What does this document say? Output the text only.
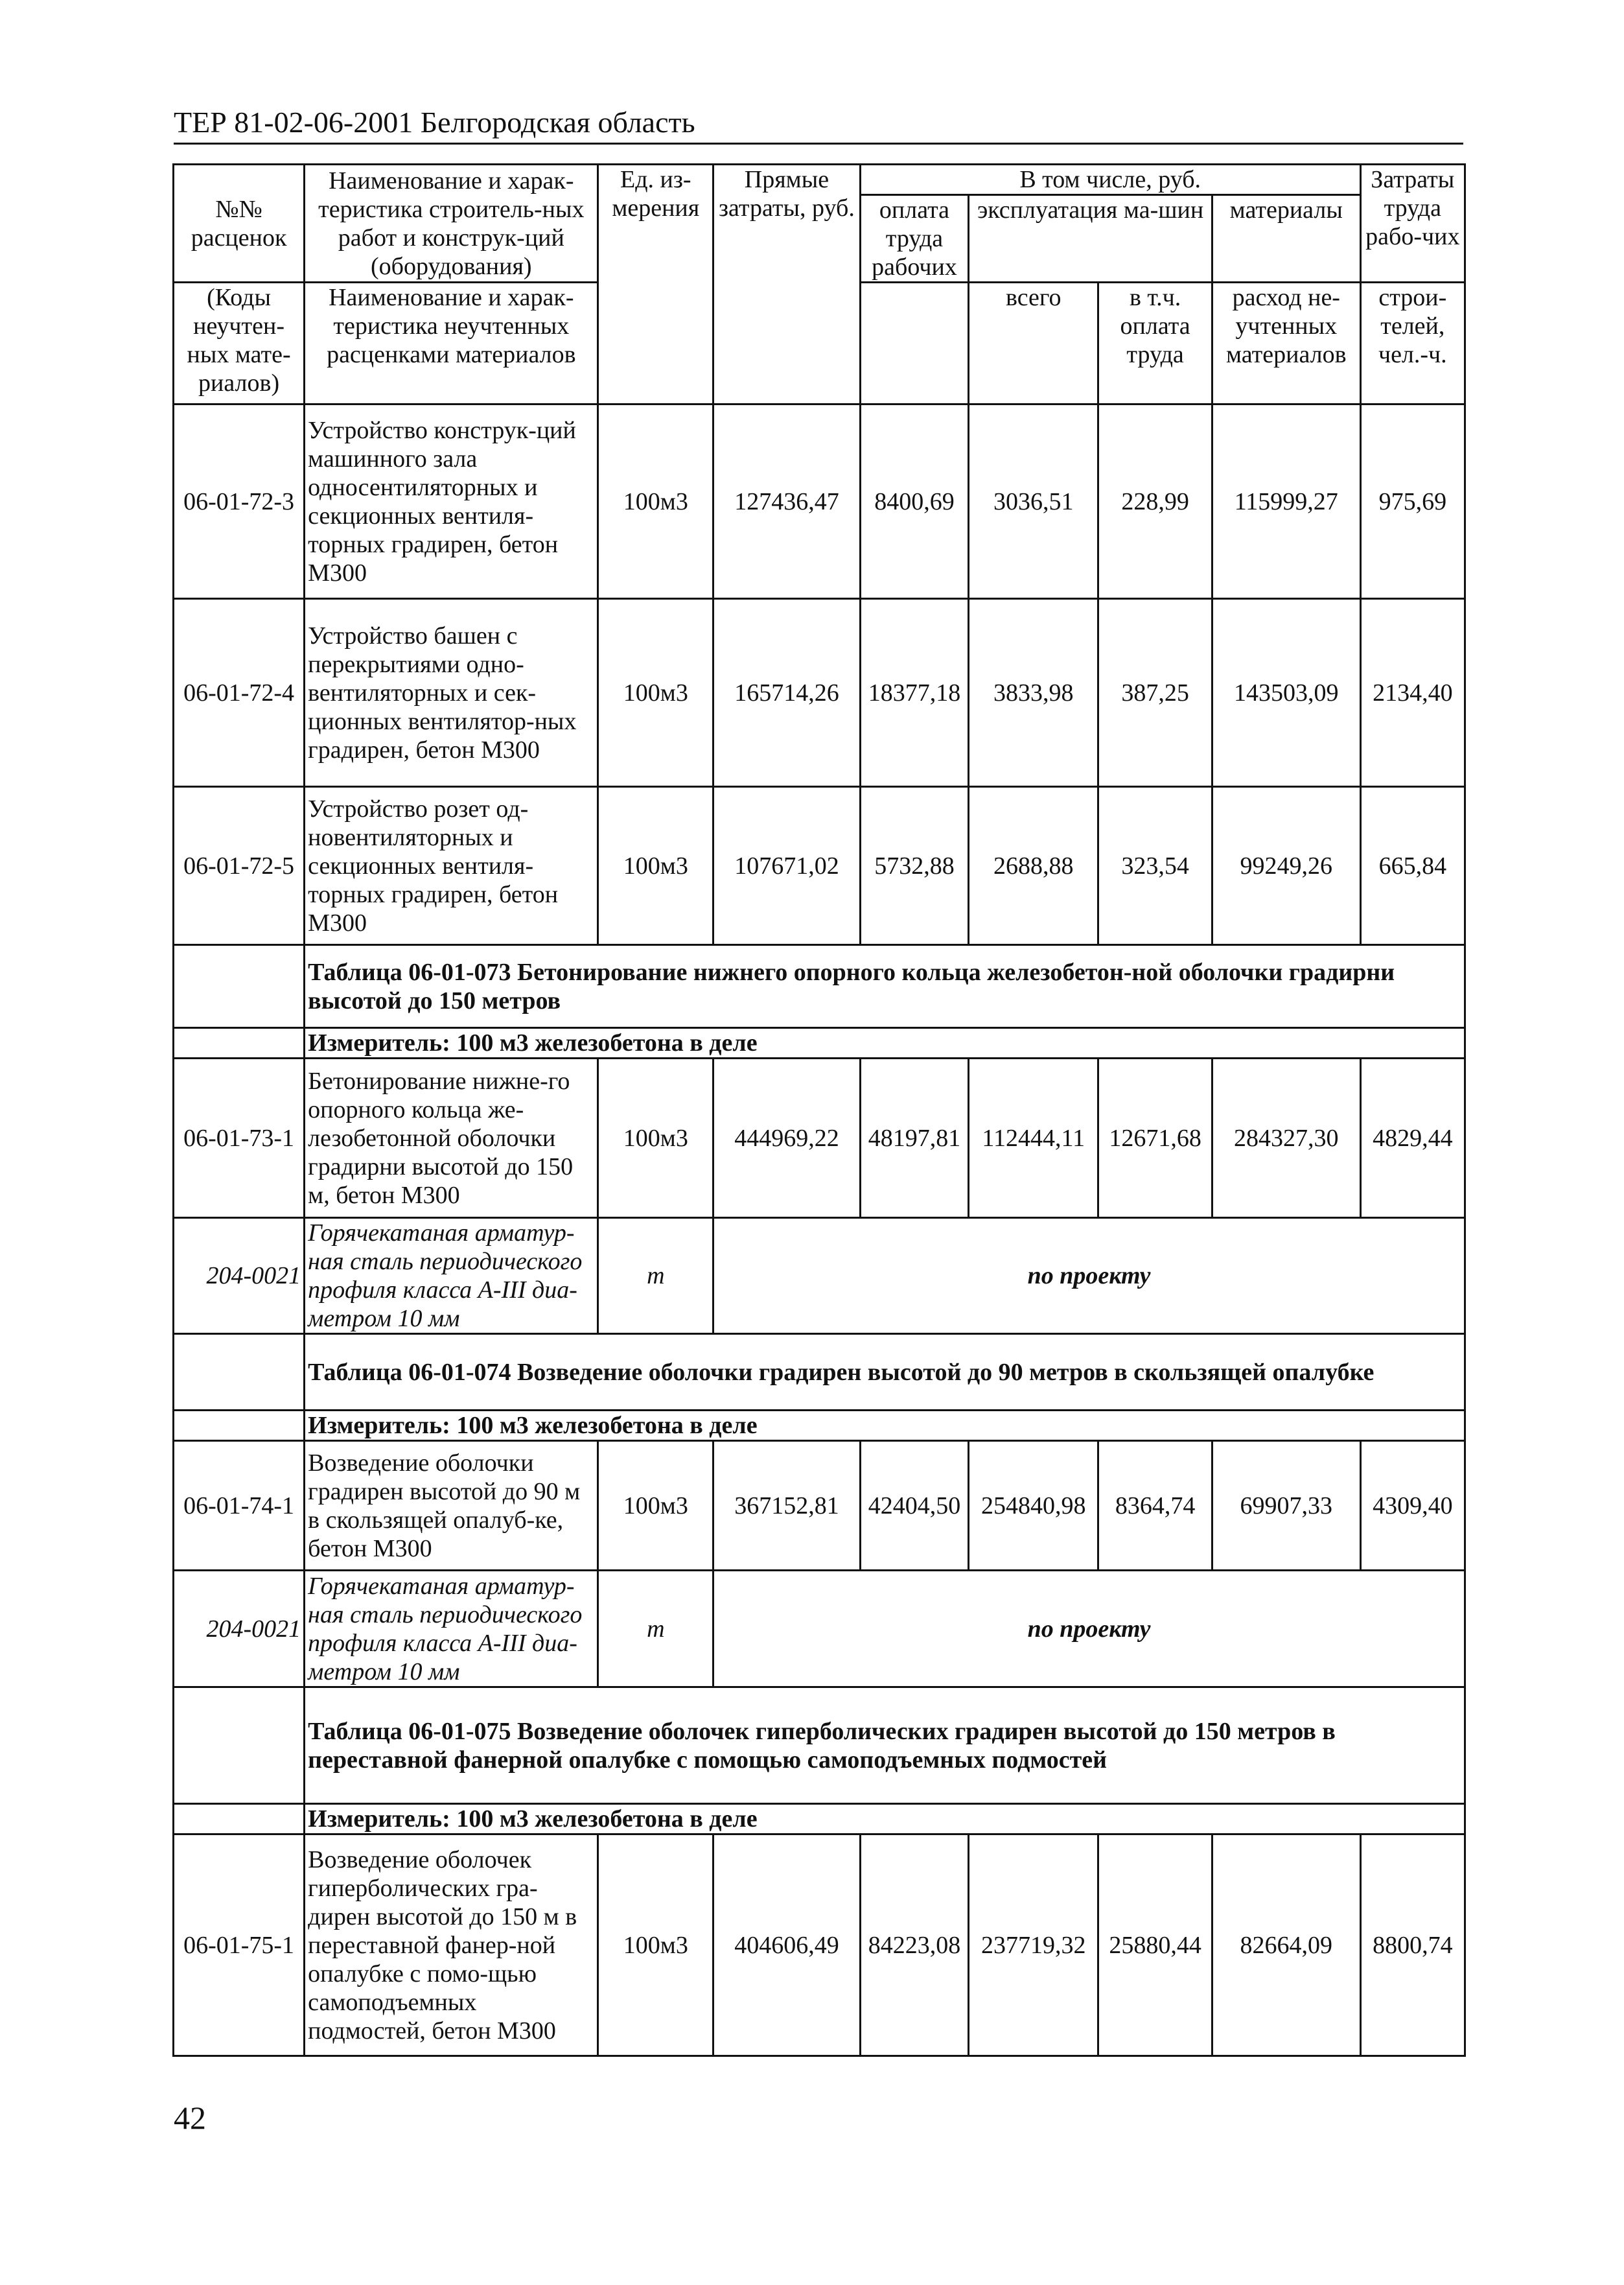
ТЕР 81-02-06-2001 Белгородская область
№№ расценок	Наименование и харак-теристика строитель-ных работ и конструк-ций (оборудования)	Ед. из-мерения	Прямые затраты, руб.	В том числе, руб.				Затраты труда рабо-чих
				оплата труда рабочих	эксплуатация ма-шин		материалы	

(Коды неучтен-ных мате-риалов)	Наименование и харак-теристика неучтенных расценками материалов				всего	в т.ч. оплата труда	расход не-учтенных материалов	строи-телей, чел.-ч.

06-01-72-3	Устройство конструк-ций машинного зала односентиляторных и секционных вентиля-торных градирен, бетон М300	100м3	127436,47	8400,69	3036,51	228,99	115999,27	975,69
06-01-72-4	Устройство башен с перекрытиями одно-вентиляторных и сек-ционных вентилятор-ных градирен, бетон М300	100м3	165714,26	18377,18	3833,98	387,25	143503,09	2134,40
06-01-72-5	Устройство розет од-новентиляторных и секционных вентиля-торных градирен, бетон М300	100м3	107671,02	5732,88	2688,88	323,54	99249,26	665,84
	Таблица 06-01-073 Бетонирование нижнего опорного кольца железобетон-ной оболочки градирни высотой до 150 метров							
	Измеритель: 100 м3 железобетона в деле							
06-01-73-1	Бетонирование нижне-го опорного кольца же-лезобетонной оболочки градирни высотой до 150 м, бетон М300	100м3	444969,22	48197,81	112444,11	12671,68	284327,30	4829,44
204-0021	Горячекатаная арматур-ная сталь периодического профиля класса А-III диа-метром 10 мм	т	по проекту					
	Таблица 06-01-074 Возведение оболочки градирен высотой до 90 метров в скользящей опалубке							
	Измеритель: 100 м3 железобетона в деле							
06-01-74-1	Возведение оболочки градирен высотой до 90 м в скользящей опалуб-ке, бетон М300	100м3	367152,81	42404,50	254840,98	8364,74	69907,33	4309,40
204-0021	Горячекатаная арматур-ная сталь периодического профиля класса А-III диа-метром 10 мм	т	по проекту					
	Таблица 06-01-075 Возведение оболочек гиперболических градирен высотой до 150 метров в переставной фанерной опалубке с помощью самоподъемных подмостей							
	Измеритель: 100 м3 железобетона в деле							
06-01-75-1	Возведение оболочек гиперболических гра-дирен высотой до 150 м в переставной фанер-ной опалубке с помо-щью самоподъемных подмостей, бетон М300	100м3	404606,49	84223,08	237719,32	25880,44	82664,09	8800,74
42
